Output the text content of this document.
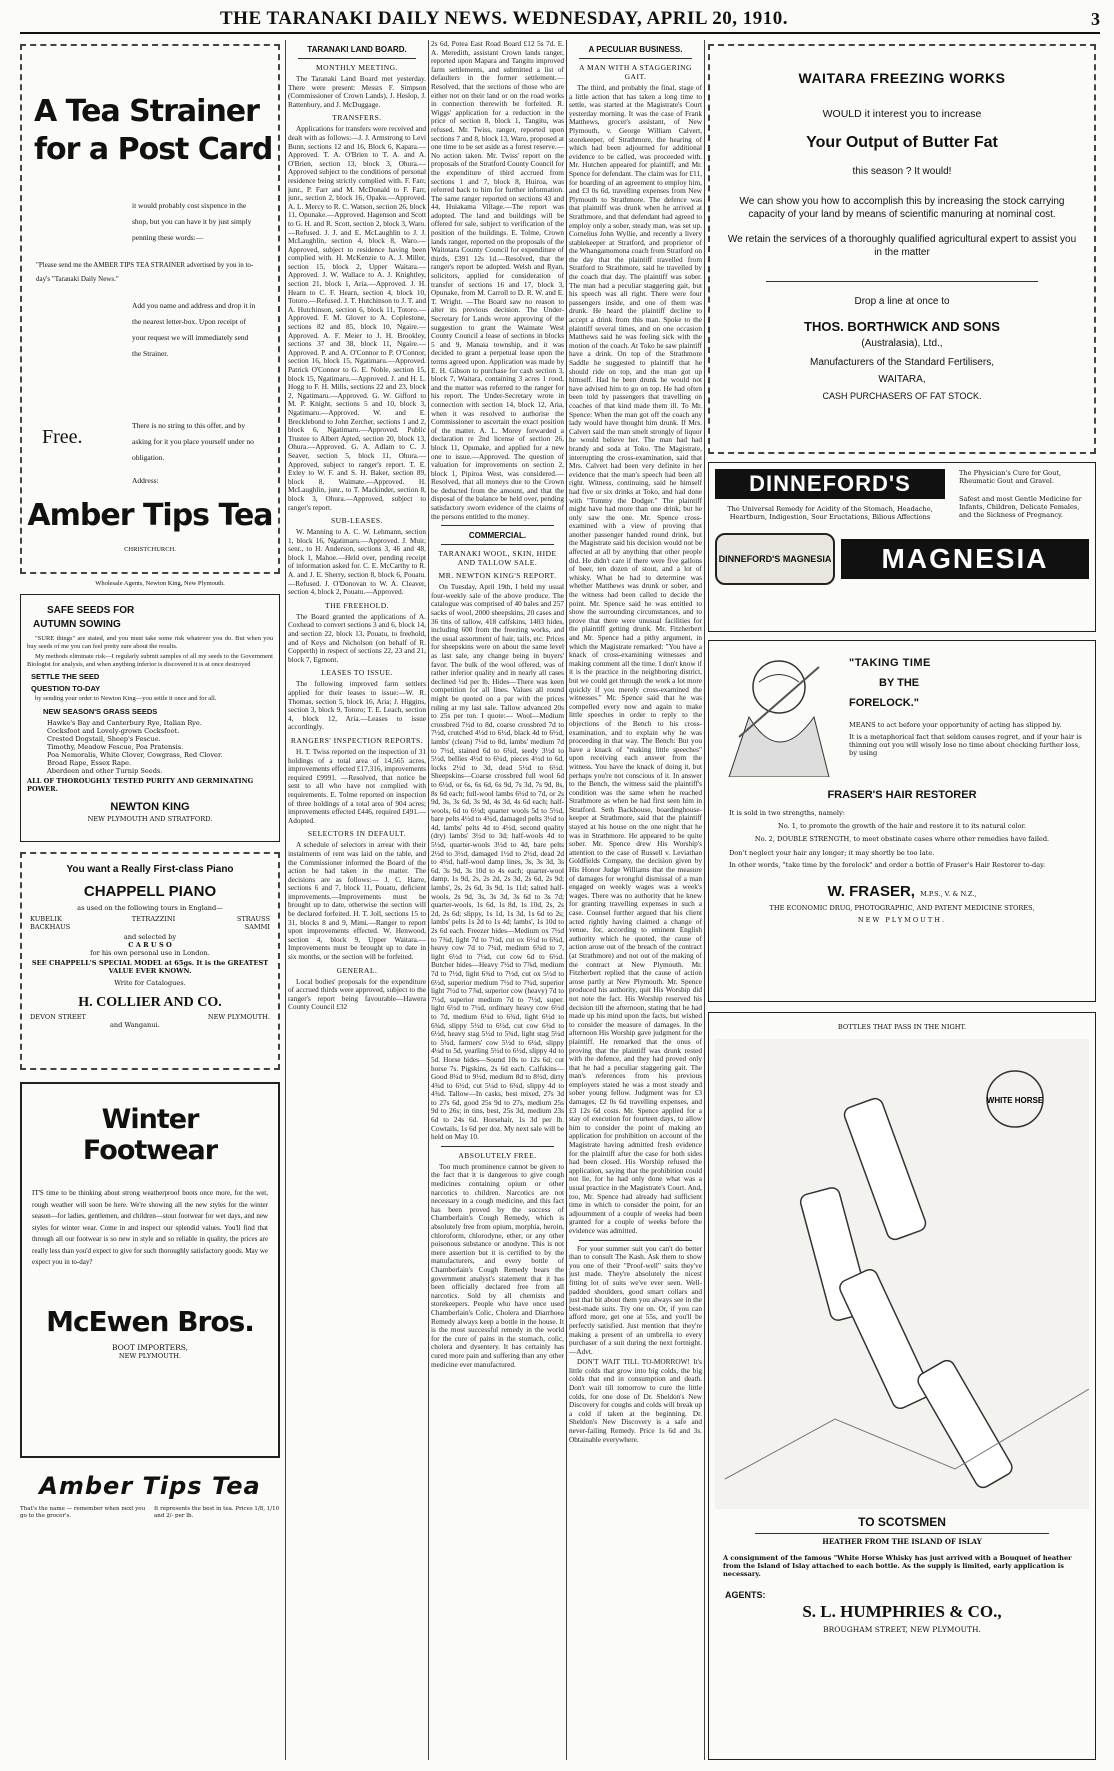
THE TARANAKI DAILY NEWS. WEDNESDAY, APRIL 20, 1910.	3
A Tea Strainer
for a Post Card
it would probably cost sixpence in the shop, but you can have it by just simply penning these words:—
"Please send me the AMBER TIPS TEA STRAINER advertised by you in to-day's "Taranaki Daily News."
Add you name and address and drop it in the nearest letter-box. Upon receipt of your request we will immediately send the Strainer.
Free.
There is no string to this offer, and by asking for it you place yourself under no obligation.
Address:
Amber Tips Tea
CHRISTCHURCH.
Wholesale Agents, Newton King, New Plymouth.
SAFE SEEDS FOR
AUTUMN SOWING
"SURE things" are stated, and you must take some risk whatever you do. But when you buy seeds of me you can feel pretty sure about the results.
My methods eliminate risk—I regularly submit samples of all my seeds to the Government Biologist for analysis, and when anything inferior is discovered it is at once destroyed
SETTLE THE SEED
QUESTION TO-DAY
by sending your order to Newton King—you settle it once and for all.
NEW SEASON'S GRASS SEEDS
Hawke's Bay and Canterbury Rye, Italian Rye.
Cocksfoot and Lovely-grown Cocksfoot.
Crested Dogstail, Sheep's Fescue.
Timothy, Meadow Fescue, Poa Pratensis.
Poa Nemoralis, White Clover, Cowgrass, Red Clover.
Broad Rape, Essex Rape.
Aberdeen and other Turnip Seeds.
ALL OF THOROUGHLY TESTED PURITY AND GERMINATING POWER.
NEWTON KING
NEW PLYMOUTH AND STRATFORD.
You want a Really First-class Piano
CHAPPELL PIANO
as used on the following tours in England—
KUBELIK
BACKHAUS
TETRAZZINI	STRAUSS
SAMMI
and selected by
C A R U S O
for his own personal use in London.
SEE CHAPPELL'S SPECIAL MODEL at 65gs. It is the GREATEST VALUE EVER KNOWN.
Write for Catalogues.
H. COLLIER AND CO.
DEVON STREET	NEW PLYMOUTH.
and Wanganui.
Winter Footwear
IT'S time to be thinking about strong weatherproof boots once more, for the wet, rough weather will soon be here. We're showing all the new styles for the winter season—for ladies, gentlemen, and children—stout footwear for wet days, and new styles for winter wear. Come in and inspect our splendid values. You'll find that through all our footwear is so new in style and so reliable in quality, the prices are really less than you'd expect to give for such thoroughly satisfactory goods. May we expect you in to-day?
McEwen Bros.
BOOT IMPORTERS,
NEW PLYMOUTH.
Amber Tips Tea
That's the name — remember when next you go to the grocer's.
It represents the best in tea. Prices 1/8, 1/10 and 2/- per lb.
TARANAKI LAND BOARD.
MONTHLY MEETING.
The Taranaki Land Board met yesterday. There were present: Messrs F. Simpson (Commissioner of Crown Lands), J. Heslop, J. Rattenbury, and J. McDuggage.
TRANSFERS.
Applications for transfers were received and dealt with as follows:—J. J. Armstrong to Levi Bunn, sections 12 and 16, Block 6, Kapara.—Approved. T. A. O'Brien to T. A. and A. O'Brien, section 13, block 3, Ohura.—Approved subject to the conditions of personal residence being strictly complied with. F. Farr, junr., P. Farr and M. McDonald to F. Farr, junr., section 2, block 16, Opaku.—Approved. A. L. Mercy to R. C. Watson, section 26, block 11, Opunake.—Approved. Hagenson and Scott to G. H. and R. Scott, section 2, block 3, Waro.—Refused. J. J. and E. McLaughlin to J. J. McLaughlin, section 4, block 8, Waro.—Approved, subject to residence having been complied with. H. McKenzie to A. J. Miller, section 15, block 2, Upper Waitara.—Approved. J. W. Wallace to A. J. Knightley, section 21, block 1, Aria.—Approved. J. H. Hearn to C. F. Hearn, section 4, block 10, Totoro.—Refused. J. T. Hutchinson to J. T. and A. Hutchinson, section 6, block 11, Totoro.—Approved. F. M. Glover to A. Coplestone, sections 82 and 85, block 10, Ngaire.—Approved. A. F. Meier to J. H. Brookley, sections 37 and 38, block 11, Ngaire.—Approved. P. and A. O'Connor to P. O'Connor, section 16, block 15, Ngatimaru.—Approved. Patrick O'Connor to G. E. Noble, section 15, block 15, Ngatimaru.—Approved. J. and H. L. Hogg to F. H. Mills, sections 22 and 23, block 2, Ngatimaru.—Approved. G. W. Gifford to M. P. Knight, sections 5 and 10, block 3, Ngatimaru.—Approved. W. and E. Brecklebond to John Zercher, sections 1 and 2, block 6, Ngatimaru.—Approved. Public Trustee to Albert Apted, section 20, block 13, Ohura.—Approved. G. A. Adlam to C. J. Seaver, section 5, block 11, Ohura.—Approved, subject to ranger's report. T. E. Exley to W. F. and S. H. Baker, section 89, block 8, Waimate.—Approved. H. McLaughlin, junr., to T. Mackinder, section 8, block 3, Ohura.—Approved, subject to ranger's report.
SUB-LEASES.
W. Manning to A. C. W. Lehmann, section 1, block 16, Ngatimaru.—Approved. J. Muir, senr., to H. Anderson, sections 3, 46 and 48, block 1, Mahoe.—Held over, pending receipt of information asked for. C. E. McCarthy to R. A. and J. E. Sherry, section 8, block 6, Pouatu.—Refused. J. O'Donovan to W. A. Cleaver, section 4, block 2, Pouatu.—Approved.
THE FREEHOLD.
The Board granted the applications of A. Coxhead to convert sections 3 and 6, block 14, and section 22, block 13, Pouatu, to freehold, and of Keys and Nicholson (on behalf of R. Copperth) in respect of sections 22, 23 and 21, block 7, Egmont.
LEASES TO ISSUE.
The following improved farm settlers applied for their leases to issue:—W. R. Thomas, section 5, block 16, Aria; J. Higgins, section 3, block 9, Totoro; T. E. Leach, section 4, block 12, Aria.—Leases to issue accordingly.
RANGERS' INSPECTION REPORTS.
H. T. Twiss reported on the inspection of 31 holdings of a total area of 14,565 acres, improvements effected £17,316, improvements required £9991. —Resolved, that notice be sent to all who have not complied with requirements. E. Tolme reported on inspection of three holdings of a total area of 904 acres; improvements effected £446, required £491.—Adopted.
SELECTORS IN DEFAULT.
A schedule of selectors in arrear with their instalments of rent was laid on the table, and the Commissioner informed the Board of the action he had taken in the matter. The decisions are as follows:— J. C. Harre, sections 6 and 7, block 11, Pouatu, deficient improvements.—Improvements must be brought up to date, otherwise the section will be declared forfeited. H. T. Joll, sections 15 to 31, blocks 8 and 9, Mimi.—Ranger to report upon improvements effected. W. Henwood, section 4, block 9, Upper Waitara.—Improvements must be brought up to date in six months, or the section will be forfeited.
GENERAL.
Local bodies' proposals for the expenditure of accrued thirds were approved, subject to the ranger's report being favourable—Hawera County Council £32
2s 6d, Potea East Road Board £12 5s 7d. E. A. Meredith, assistant Crown lands ranger, reported upon Mapara and Tangitu improved farm settlements, and submitted a list of defaulters in the former settlement.—Resolved, that the sections of those who are either not on their land or on the road works in connection therewith be forfeited. R. Wiggs' application for a reduction in the price of section 8, block 1, Tangitu, was refused. Mr. Twiss, ranger, reported upon sections 7 and 8, block 13, Waro, proposed at one time to be set aside as a forest reserve.—No action taken. Mr. Twiss' report on the proposals of the Stratford County Council for the expenditure of third accrued from sections 1 and 7, block 8, Huiroa, was referred back to him for further information. The same ranger reported on sections 43 and 44, Huiakama Village.—The report was adopted. The land and buildings will be offered for sale, subject to verification of the position of the buildings. E. Tolme, Crown lands ranger, reported on the proposals of the Waitotara County Council for expenditure of thirds, £391 12s 1d.—Resolved, that the ranger's report be adopted. Welsh and Ryan, solicitors, applied for consideration of transfer of sections 16 and 17, block 3, Opunake, from M. Carroll to D. R. W. and E. T. Wright. —The Board saw no reason to alter its previous decision. The Under-Secretary for Lands wrote approving of the suggestion to grant the Waimate West County Council a lease of sections in blocks 5 and 9, Manaia township, and it was decided to grant a perpetual lease upon the terms agreed upon. Application was made by E. H. Gibson to purchase for cash section 3, block 7, Waitara, containing 3 acres 1 rood, and the matter was referred to the ranger for his report. The Under-Secretary wrote in connection with section 14, block 12, Aria, when it was resolved to authorise the Commissioner to ascertain the exact position of the matter. A. L. Morey forwarded a declaration re 2nd license of section 26, block 11, Opunake, and applied for a new one to issue.—Approved. The question of valuation for improvements on section 2, block 1, Pipiroa West, was considered.—Resolved, that all moneys due to the Crown be deducted from the amount, and that the disposal of the balance be held over, pending satisfactory sworn evidence of the claims of the persons entitled to the money.
COMMERCIAL.
TARANAKI WOOL, SKIN, HIDE AND TALLOW SALE.
MR. NEWTON KING'S REPORT.
On Tuesday, April 19th, I held my usual four-weekly sale of the above produce. The catalogue was comprised of 40 bales and 257 sacks of wool, 2000 sheepskins, 20 cases and 36 tins of tallow, 418 calfskins, 1403 hides, including 600 from the freezing works, and the usual assortment of hair, tails, etc. Prices for sheepskins were on about the same level as last sale, any change being in buyers' favor. The bulk of the wool offered, was of rather inferior quality and in nearly all cases declined ½d per lb. Hides—There was keen competition for all lines. Values all round might be quoted on a par with the prices ruling at my last sale. Tallow advanced 20s to 25s per ton. I quote:— Wool—Medium crossbred 7½d to 8d, coarse crossbred 7d to 7½d, crutched 4½d to 6½d, black 4d to 6½d, lambs' (clean) 7½d to 8d, lambs' medium 7d to 7½d, stained 6d to 6¾d, seedy 3½d to 5½d, bellies 4½d to 6¼d, pieces 4½d to 6d, locks 2½d to 3d, dead 5½d to 6½d. Sheepskins—Coarse crossbred full wool 6d to 6½d, or 6s, 6s 6d, 6s 9d, 7s 3d, 7s 9d, 8s, 8s 6d each; full-wool lambs 6½d to 7d, or 2s 9d, 3s, 3s 6d, 3s 9d, 4s 3d, 4s 6d each; half-wools, 6d to 6½d; quarter wools 5d to 5½d, bare pelts 4½d to 4¾d, damaged pelts 3½d to 4d, lambs' pelts 4d to 4½d, second quality (dry) lambs' 3½d to 3d; half-wools 4d to 5½d, quarter-wools 3½d to 4d, bare pelts 2½d to 3½d, damaged 1½d to 2½d, dead 2d to 4½d, half-wool damp lines, 3s, 3s 3d, 3s 6d, 3s 9d, 3s 10d to 4s each; quarter-wool damp, 1s 9d, 2s, 2s 2d, 2s 3d, 2s 6d, 2s 9d; lambs', 2s, 2s 6d, 3s 9d, 1s 11d; salted half-wools, 2s 9d, 3s, 3s 3d, 3s 6d to 3s 7d; quarter-wools, 1s 6d, 1s 8d, 1s 10d, 2s, 2s 2d, 2s 6d; slippy, 1s 1d, 1s 3d, 1s 6d to 2s; lambs' pelts 1s 2d to 1s 4d; lambs', 1s 10d to 2s 6d each. Freezer hides—Medium ox 7½d to 7¾d, light 7d to 7½d, cut ox 6½d to 6¾d, heavy cow 7d to 7¼d, medium 6¾d to 7, light 6½d to 7¼d, cut cow 6d to 6½d. Butcher hides—Heavy 7½d to 7⅞d, medium 7d to 7½d, light 6¾d to 7½d, cut ox 5½d to 6½d, superior medium 7½d to 7¾d, superior light 7½d to 7⅞d, superior cow (heavy) 7d to 7½d, superior medium 7d to 7½d, super. light 6½d to 7½d, ordinary heavy cow 6½d to 7d, medium 6¼d to 6¾d, light 6½d to 6¾d, slippy 5½d to 6½d, cut cow 6¾d to 6½d, heavy stag 5½d to 5¾d, light stag 5¼d to 5¾d, farmers' cow 5½d to 6¼d, slippy 4¼d to 5d, yearling 5½d to 6½d, slippy 4d to 5d. Horse hides—Sound 10s to 12s 6d; cut horse 7s. Pigskins, 2s 6d each. Calfskins—Good 8¼d to 9½d, medium 8d to 8½d, dirty 4¾d to 6½d, cut 5¼d to 6¾d, slippy 4d to 4¾d. Tallow—In casks, best mixed, 27s 3d to 27s 6d, good 25s 9d to 27s, medium 25s 9d to 26s; in tins, best, 25s 3d, medium 23s 6d to 24s 6d. Horsehair, 1s 3d per lb. Cowtails, 1s 6d per doz. My next sale will be held on May 10.
ABSOLUTELY FREE.
Too much prominence cannot be given to the fact that it is dangerous to give cough medicines containing opium or other narcotics to children. Narcotics are not necessary in a cough medicine, and this fact has been proved by the success of Chamberlain's Cough Remedy, which is absolutely free from opium, morphia, heroin, chloroform, chlorodyne, ether, or any other poisonous substance or anodyne. This is not mere assertion but it is certified to by the manufacturers, and every bottle of Chamberlain's Cough Remedy bears the government analyst's statement that it has been officially declared free from all narcotics. Sold by all chemists and storekeepers. People who have once used Chamberlain's Colic, Cholera and Diarrhoea Remedy always keep a bottle in the house. It is the most successful remedy in the world for the cure of pains in the stomach, colic, cholera and dysentery. It has certainly has cured more pain and suffering than any other medicine ever manufactured.
A PECULIAR BUSINESS.
A MAN WITH A STAGGERING GAIT.
The third, and probably the final, stage of a little action that has taken a long time to settle, was started at the Magistrate's Court yesterday morning. It was the case of Frank Matthews, grocer's assistant, of New Plymouth, v. George William Calvert, storekeeper, of Strathmore, the hearing of which had been adjourned for additional evidence to be called, was proceeded with. Mr. Hutchen appeared for plaintiff, and Mr. Spence for defendant. The claim was for £11, for boarding of an agreement to employ him, and £3 0s 6d, travelling expenses from New Plymouth to Strathmore. The defence was that plaintiff was drunk when he arrived at Strathmore, and that defendant had agreed to employ only a sober, steady man, was set up. Cornelius John Wyllie, and recently a livery stablekeeper at Stratford, and proprietor of the Whangamomona coach from Stratford on the day that the plaintiff travelled from Stratford to Strathmore, said he travelled by the coach that day. The plaintiff was sober. The man had a peculiar staggering gait, but his speech was all right. There were four passengers inside, and one of them was drunk. He heard the plaintiff decline to accept a drink from this man. Spoke to the plaintiff several times, and on one occasion Matthews said he was feeling sick with the motion of the coach. At Toko he saw plaintiff have a drink. On top of the Strathmore Saddle he suggested to plaintiff that he should ride on top, and the man got up himself. Had he been drunk he would not have advised him to go on top. He had often been told by passengers that travelling on coaches of that kind made them ill. To Mr. Spence: When the man got off the coach any lady would have thought him drunk. If Mrs. Calvert said the man smelt strongly of liquor he would believe her. The man had had brandy and soda at Toko. The Magistrate, interrupting the cross-examination, said that Mrs. Calvert had been very definite in her evidence that the man's speech had been all right. Witness, continuing, said he himself had five or six drinks at Toko, and had done with "Tommy the Dodger." The plaintiff might have had more than one drink, but he only saw the one. Mr. Spence cross-examined with a view of proving that another passenger handed round drink, but the Magistrate said his decision would not be affected at all by anything that other people did. He didn't care if there were five gallons of beer, ten dozen of stout, and a lot of whisky. What he had to determine was whether Matthews was drunk or sober, and the witness had been called to decide the point. Mr. Spence said he was entitled to show the surrounding circumstances, and to prove that there were unusual facilities for the plaintiff getting drunk. Mr. Fitzherbert and Mr. Spence had a pithy argument, in which the Magistrate remarked: "You have a knack of cross-examining witnesses and making comment all the time. I don't know if it is the practice in the neighboring district, but we could get through the work a lot more quickly if you merely cross-examined the witnesses." Mr. Spence said that he was compelled every now and again to make little speeches in order to reply to the objections of the Bench to his cross-examination, and to explain why he was proceeding in that way. The Bench: But you have a knack of "making little speeches" upon receiving each answer from the witness. You have the knack of doing it, but perhaps you're not conscious of it. In answer to the Bench, the witness said the plaintiff's condition was the same when he reached Strathmore as when he had first seen him in Stratford. Seth Backhouse, boardinghouse-keeper at Strathmore, said that the plaintiff stayed at his house on the one night that he was in Strathmore. He appeared to be quite sober. Mr. Spence drew His Worship's attention to the case of Russell v. Leviathan Goldfields Company, the decision given by His Honor Judge Williams that the measure of damages for wrongful dismissal of a man engaged on weekly wages was a week's wages. There was no authority that he knew for granting travelling expenses in such a case. Counsel further argued that his client acted rightly having claimed a change of venue, for, according to eminent English authority which he quoted, the cause of action arose out of the breach of the contract (at Strathmore) and not out of the making of the contract at New Plymouth. Mr. Fitzherbert replied that the cause of action arose partly at New Plymouth. Mr. Spence produced his authority, quit His Worship did not note the fact. His Worship reserved his decision till the afternoon, stating that he had made up his mind upon the facts, but wished to consider the measure of damages. In the afternoon His Worship gave judgment for the plaintiff. He remarked that the onus of proving that the plaintiff was drunk rested with the defence, and they had proved only that he had a peculiar staggering gait. The man's references from his previous employers stated he was a most steady and sober young fellow. Judgment was for £3 damages, £2 0s 6d travelling expenses, and £3 12s 6d costs. Mr. Spence applied for a stay of execution for fourteen days, to allow him to consider the point of making an application for prohibition on account of the Magistrate having admitted fresh evidence for the plaintiff after the case for both sides had been closed. His Worship refused the application, saying that the prohibition could not lie, for he had only done what was a usual practice in the Magistrate's Court. And, too, Mr. Spence had already had sufficient time in which to consider the point, for an adjournment of a couple of weeks had been granted for a couple of weeks before the evidence was admitted.
For your summer suit you can't do better than to consult The Kash. Ask them to show you one of their "Proof-well" suits they've just made. They're absolutely the nicest fitting lot of suits we've ever seen. Well-padded shoulders, good smart collars and just that bit about them you always see in the best-made suits. Try one on. Or, if you can afford more, get one at 55s, and you'll be perfectly satisfied. Just mention that they're making a present of an umbrella to every purchaser of a suit during the next fortnight.—Advt.
DON'T WAIT TILL TO-MORROW! It's little colds that grow into big colds, the big colds that end in consumption and death. Don't wait till tomorrow to cure the little colds, for one dose of Dr. Sheldon's New Discovery for coughs and colds will break up a cold if taken at the beginning. Dr. Sheldon's New Discovery is a safe and never-failing Remedy. Price 1s 6d and 3s. Obtainable everywhere.
WAITARA FREEZING WORKS
WOULD it interest you to increase
Your Output of Butter Fat
this season ? It would!
We can show you how to accomplish this by increasing the stock carrying capacity of your land by means of scientific manuring at nominal cost.
We retain the services of a thoroughly qualified agricultural expert to assist you in the matter
Drop a line at once to
THOS. BORTHWICK AND SONS
(Australasia), Ltd.,
Manufacturers of the Standard Fertilisers,
WAITARA,
CASH PURCHASERS OF FAT STOCK.
DINNEFORD'S
The Universal Remedy for Acidity of the Stomach, Headache, Heartburn, Indigestion, Sour Eructations, Bilious Affections
The Physician's Cure for Gout, Rheumatic Gout and Gravel.
Safest and most Gentle Medicine for Infants, Children, Delicate Females, and the Sickness of Pregnancy.
DINNEFORD'S MAGNESIA	MAGNESIA
"TAKING TIME
BY THE
FORELOCK."
MEANS to act before your opportunity of acting has slipped by.
It is a metaphorical fact that seldom causes regret, and if your hair is thinning out you will wisely lose no time about checking further loss, by using
FRASER'S HAIR RESTORER
It is sold in two strengths, namely:
No. 1, to promote the growth of the hair and restore it to its natural color.
No. 2, DOUBLE STRENGTH, to meet obstinate cases where other remedies have failed.
Don't neglect your hair any longer; it may shortly be too late.
In other words, "take time by the forelock" and order a bottle of Fraser's Hair Restorer to-day.
W. FRASER, M.P.S., V. & N.Z.,
THE ECONOMIC DRUG, PHOTOGRAPHIC, AND PATENT MEDICINE STORES,
NEW PLYMOUTH.
BOTTLES THAT PASS IN THE NIGHT.
WHITE HORSE
TO SCOTSMEN
HEATHER FROM THE ISLAND OF ISLAY
A consignment of the famous "White Horse Whisky has just arrived with a Bouquet of heather from the Island of Islay attached to each bottle. As the supply is limited, early application is necessary.
AGENTS:
S. L. HUMPHRIES & CO.,
BROUGHAM STREET, NEW PLYMOUTH.
